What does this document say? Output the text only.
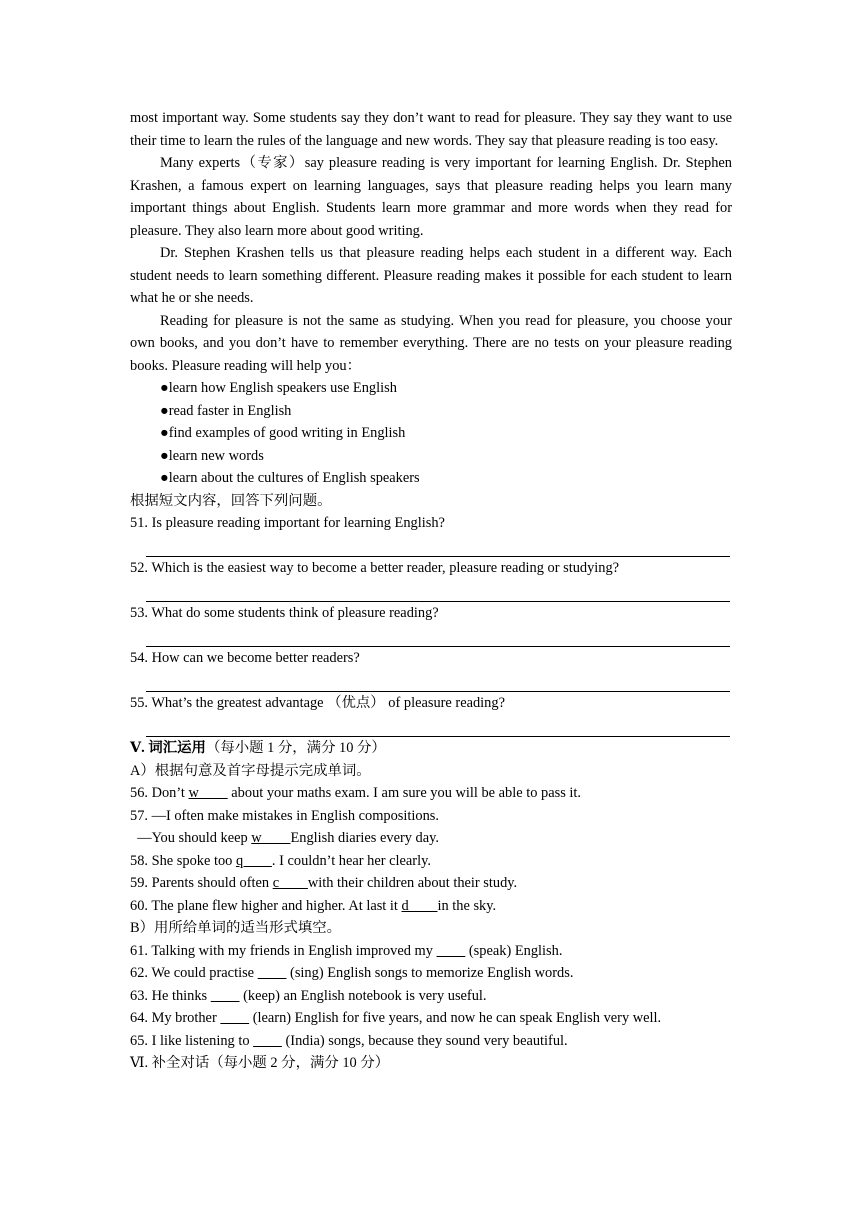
most important way. Some students say they don’t want to read for pleasure. They say they want to use their time to learn the rules of the language and new words. They say that pleasure reading is too easy.

Many experts（专家）say pleasure reading is very important for learning English. Dr. Stephen Krashen, a famous expert on learning languages, says that pleasure reading helps you learn many important things about English. Students learn more grammar and more words when they read for pleasure. They also learn more about good writing.

Dr. Stephen Krashen tells us that pleasure reading helps each student in a different way. Each student needs to learn something different. Pleasure reading makes it possible for each student to learn what he or she needs.

Reading for pleasure is not the same as studying. When you read for pleasure, you choose your own books, and you don’t have to remember everything. There are no tests on your pleasure reading books. Pleasure reading will help you：

●learn how English speakers use English

●read faster in English

●find examples of good writing in English

●learn new words

●learn about the cultures of English speakers

根据短文内容，回答下列问题。

51. Is pleasure reading important for learning English?

52. Which is the easiest way to become a better reader, pleasure reading or studying?

53. What do some students think of pleasure reading?

54. How can we become better readers?

55. What’s the greatest advantage （优点） of pleasure reading?

Ⅴ. 词汇运用（每小题 1 分，满分 10 分）

A）根据句意及首字母提示完成单词。

56. Don’t w         about your maths exam. I am sure you will be able to pass it.

57. —I often make mistakes in English compositions.

—You should keep w        English diaries every day.

58. She spoke too q        . I couldn’t hear her clearly.

59. Parents should often c        with their children about their study.

60. The plane flew higher and higher. At last it d        in the sky.

B）用所给单词的适当形式填空。

61. Talking with my friends in English improved my          (speak) English.

62. We could practise          (sing) English songs to memorize English words.

63. He thinks          (keep) an English notebook is very useful.

64. My brother          (learn) English for five years, and now he can speak English very well.

65. I like listening to          (India) songs, because they sound very beautiful.

Ⅵ. 补全对话（每小题 2 分，满分 10 分）
